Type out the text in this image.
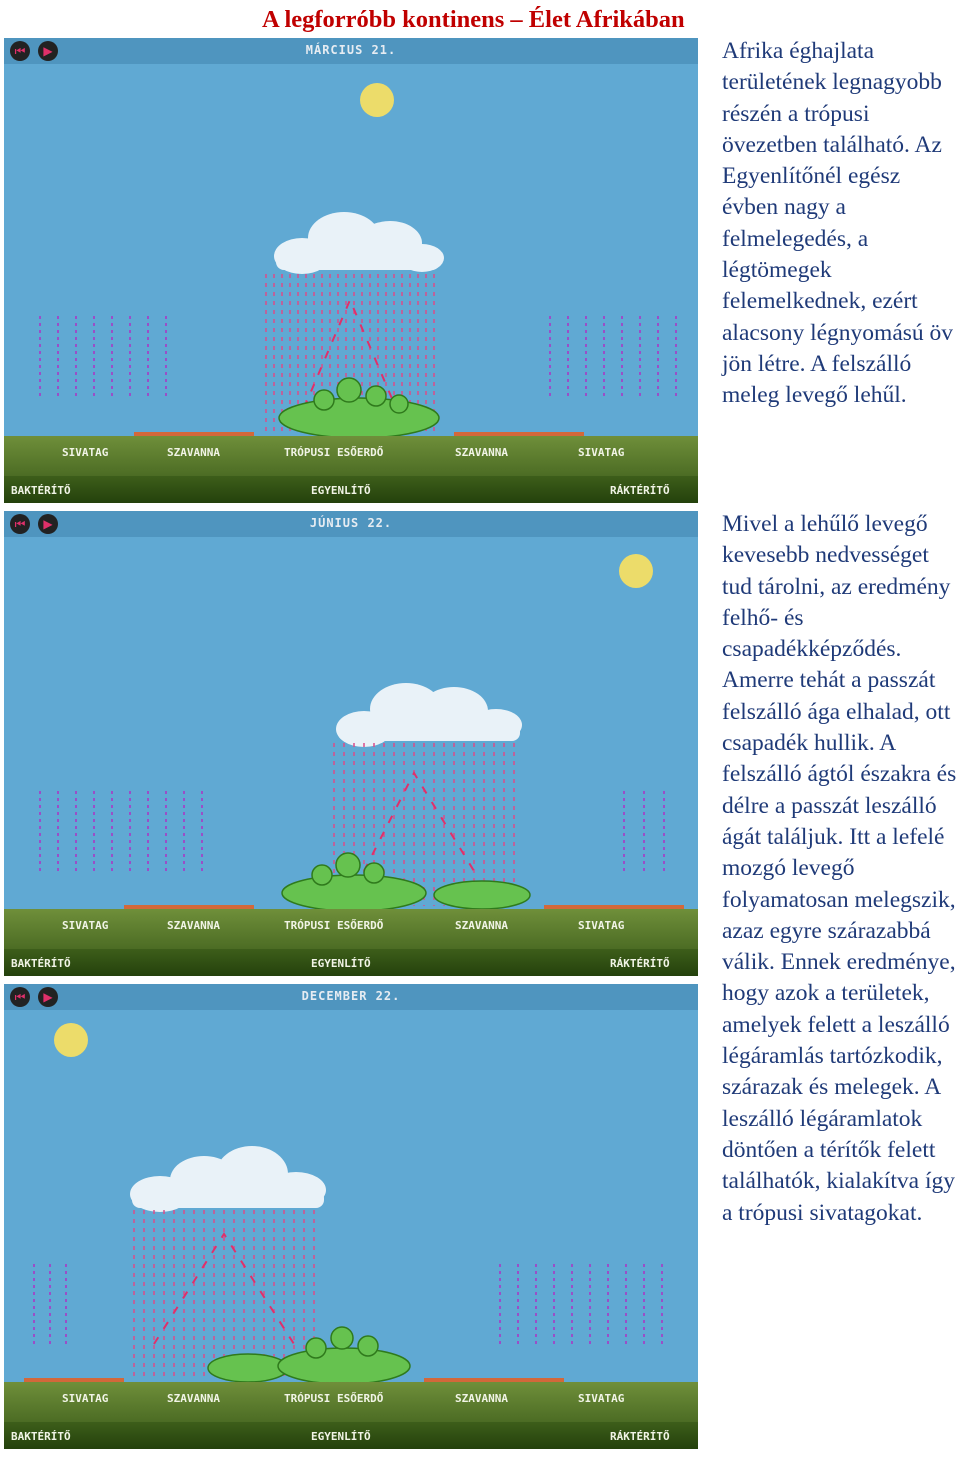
A legforróbb kontinens – Élet Afrikában

Afrika éghajlata területének legnagyobb részén a trópusi övezetben található. Az Egyenlítőnél egész évben nagy a felmelegedés, a légtömegek felemelkednek, ezért alacsony légnyomású öv jön létre. A felszálló meleg levegő lehűl.

Mivel a lehűlő levegő kevesebb nedvességet tud tárolni, az eredmény felhő- és csapadékképződés. Amerre tehát a passzát felszálló ága elhalad, ott csapadék hullik. A felszálló ágtól északra és délre a passzát leszálló ágát találjuk. Itt a lefelé mozgó levegő folyamatosan melegszik, azaz egyre szárazabbá válik. Ennek eredménye, hogy azok a területek, amelyek felett a leszálló légáramlás tartózkodik, szárazak és melegek. A leszálló légáramlatok döntően a térítők felett találhatók, kialakítva így a trópusi sivatagokat.

⏮	▶	MÁRCIUS 21.
SIVATAG	SZAVANNA	TRÓPUSI ESŐERDŐ	SZAVANNA	SIVATAG
BAKTÉRÍTŐ	EGYENLÍTŐ	RÁKTÉRÍTŐ
⏮	▶	JÚNIUS 22.
SIVATAG	SZAVANNA	TRÓPUSI ESŐERDŐ	SZAVANNA	SIVATAG
BAKTÉRÍTŐ	EGYENLÍTŐ	RÁKTÉRÍTŐ
⏮	▶	DECEMBER 22.
SIVATAG	SZAVANNA	TRÓPUSI ESŐERDŐ	SZAVANNA	SIVATAG
BAKTÉRÍTŐ	EGYENLÍTŐ	RÁKTÉRÍTŐ
